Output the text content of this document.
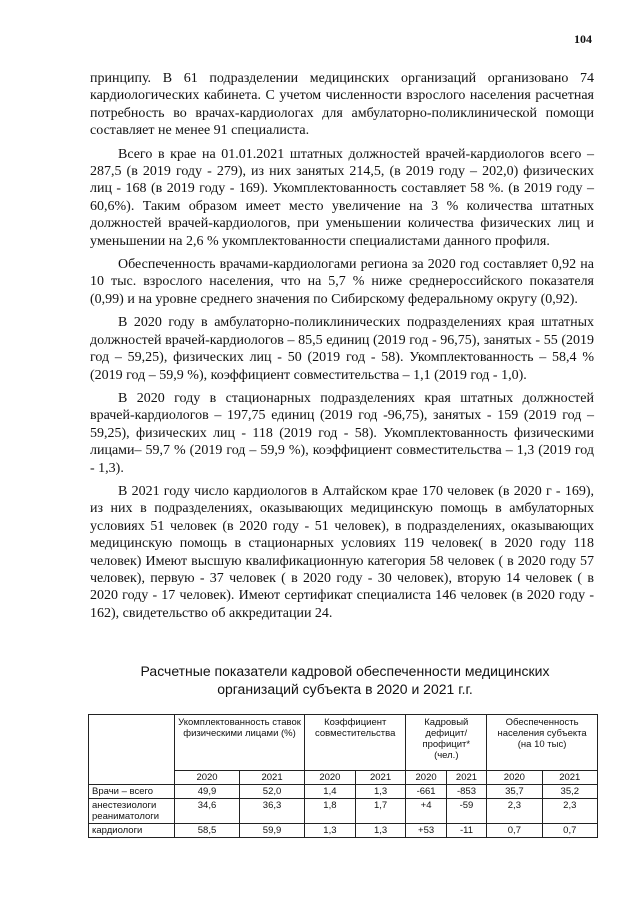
104

принципу. В 61 подразделении медицинских организаций организовано 74 кардиологических кабинета. С учетом численности взрослого населения расчетная потребность во врачах-кардиологах для амбулаторно-поликлинической помощи составляет не менее 91 специалиста.

Всего в крае на 01.01.2021 штатных должностей врачей-кардиологов всего – 287,5 (в 2019 году - 279), из них занятых 214,5, (в 2019 году – 202,0) физических лиц - 168 (в 2019 году - 169). Укомплектованность составляет 58 %. (в 2019 году – 60,6%). Таким образом имеет место увеличение на 3 % количества штатных должностей врачей-кардиологов, при уменьшении количества физических лиц и уменьшении на 2,6 % укомплектованности специалистами данного профиля.

Обеспеченность врачами-кардиологами региона за 2020 год составляет 0,92 на 10 тыс. взрослого населения, что на 5,7 % ниже среднероссийского показателя (0,99) и на уровне среднего значения по Сибирскому федеральному округу (0,92).

В 2020 году в амбулаторно-поликлинических подразделениях края штатных должностей врачей-кардиологов – 85,5 единиц (2019 год - 96,75), занятых - 55 (2019 год – 59,25), физических лиц - 50 (2019 год - 58). Укомплектованность – 58,4 % (2019 год – 59,9 %), коэффициент совместительства – 1,1 (2019 год - 1,0).

В 2020 году в стационарных подразделениях края штатных должностей врачей-кардиологов – 197,75 единиц (2019 год -96,75), занятых - 159 (2019 год – 59,25), физических лиц - 118 (2019 год - 58). Укомплектованность физическими лицами– 59,7 % (2019 год – 59,9 %), коэффициент совместительства – 1,3 (2019 год - 1,3).

В 2021 году число кардиологов в Алтайском крае 170 человек (в 2020 г - 169), из них в подразделениях, оказывающих медицинскую помощь в амбулаторных условиях 51 человек (в 2020 году - 51 человек), в подразделениях, оказывающих медицинскую помощь в стационарных условиях 119 человек( в 2020 году 118 человек) Имеют высшую квалификационную категория 58 человек ( в 2020 году 57 человек), первую - 37 человек ( в 2020 году - 30 человек), вторую 14 человек ( в 2020 году - 17 человек). Имеют сертификат специалиста 146 человек (в 2020 году - 162), свидетельство об аккредитации 24.

Расчетные показатели кадровой обеспеченности медицинских организаций субъекта в 2020 и 2021 г.г.
	Укомплектованность ставок физическими лицами (%)		Коэффициент совместительства		Кадровый дефицит/профицит* (чел.)		Обеспеченность населения субъекта (на 10 тыс)	
	2020	2021	2020	2021	2020	2021	2020	2021
Врачи – всего	49,9	52,0	1,4	1,3	-661	-853	35,7	35,2
анестезиологи реаниматологи	34,6	36,3	1,8	1,7	+4	-59	2,3	2,3
кардиологи	58,5	59,9	1,3	1,3	+53	-11	0,7	0,7
